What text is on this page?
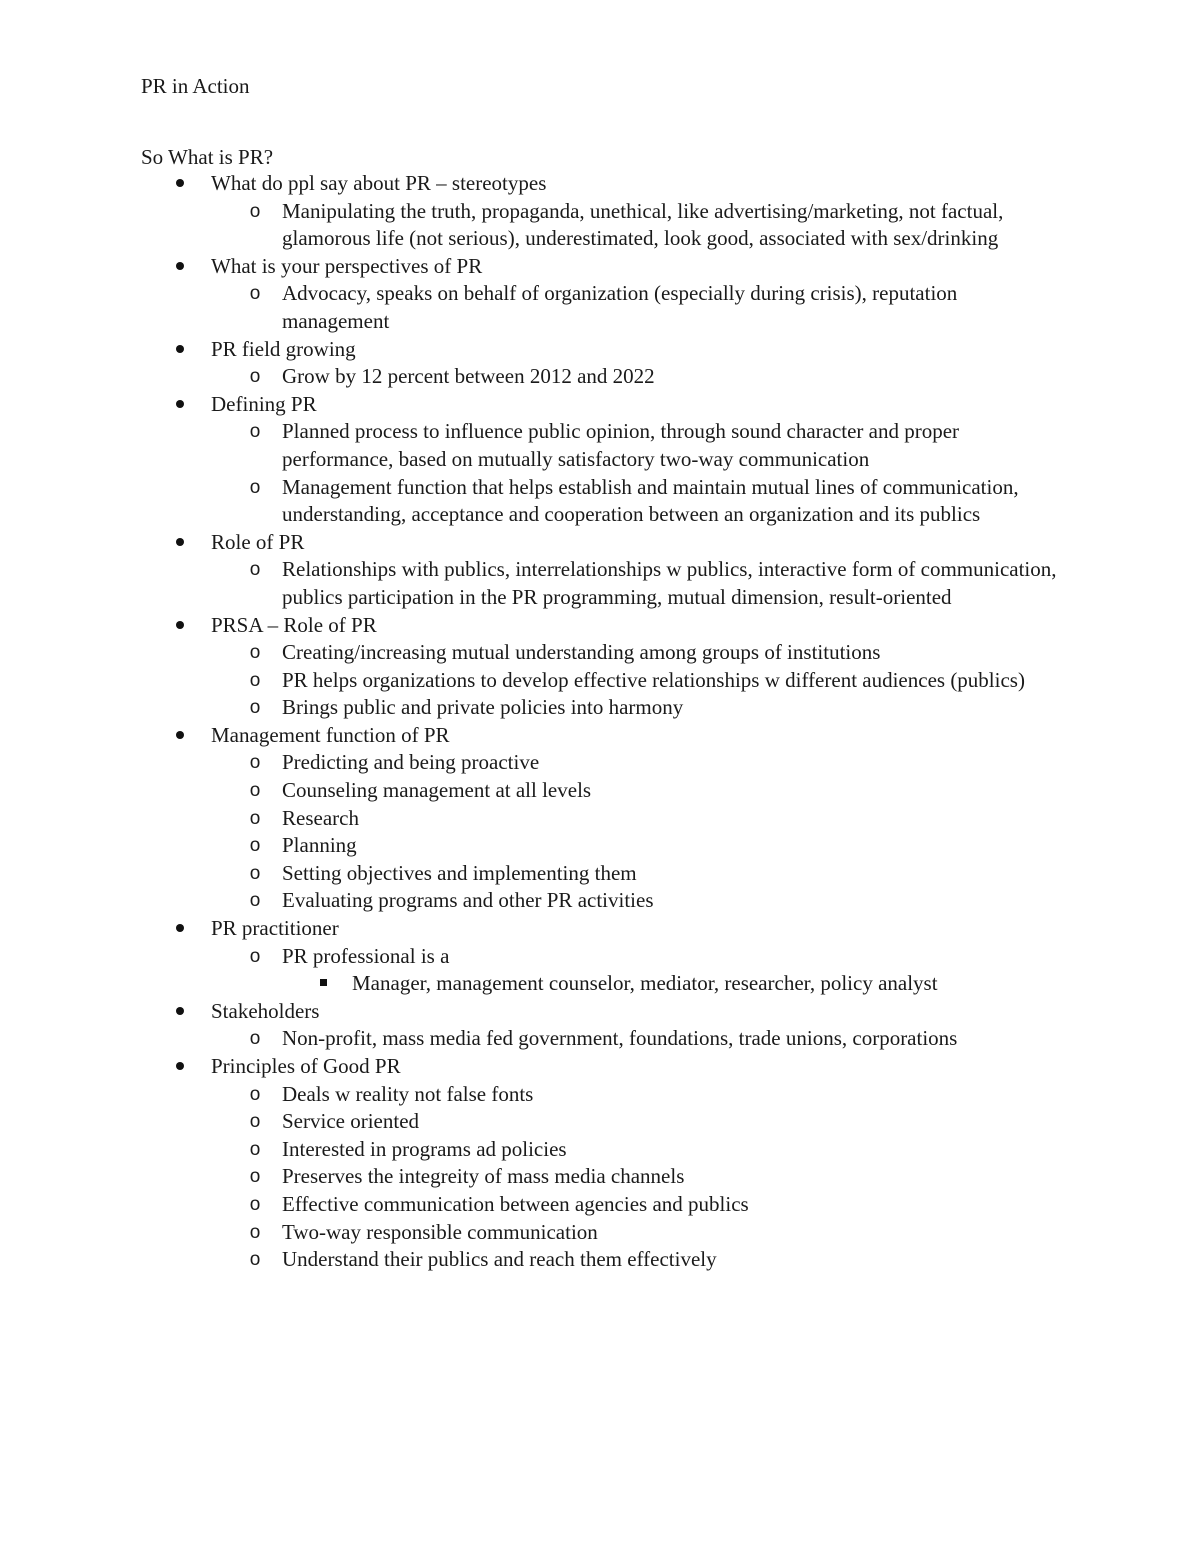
PR in Action

So What is PR?

What do ppl say about PR – stereotypes
o Manipulating the truth, propaganda, unethical, like advertising/marketing, not factual, glamorous life (not serious), underestimated, look good, associated with sex/drinking
What is your perspectives of PR
o Advocacy, speaks on behalf of organization (especially during crisis), reputation management
PR field growing
o Grow by 12 percent between 2012 and 2022
Defining PR
o Planned process to influence public opinion, through sound character and proper performance, based on mutually satisfactory two-way communication
o Management function that helps establish and maintain mutual lines of communication, understanding, acceptance and cooperation between an organization and its publics
Role of PR
o Relationships with publics, interrelationships w publics, interactive form of communication, publics participation in the PR programming, mutual dimension, result-oriented
PRSA – Role of PR
o Creating/increasing mutual understanding among groups of institutions
o PR helps organizations to develop effective relationships w different audiences (publics)
o Brings public and private policies into harmony
Management function of PR
o Predicting and being proactive
o Counseling management at all levels
o Research
o Planning
o Setting objectives and implementing them
o Evaluating programs and other PR activities
PR practitioner
o PR professional is a
Manager, management counselor, mediator, researcher, policy analyst
Stakeholders
o Non-profit, mass media fed government, foundations, trade unions, corporations
Principles of Good PR
o Deals w reality not false fonts
o Service oriented
o Interested in programs ad policies
o Preserves the integreity of mass media channels
o Effective communication between agencies and publics
o Two-way responsible communication
o Understand their publics and reach them effectively
